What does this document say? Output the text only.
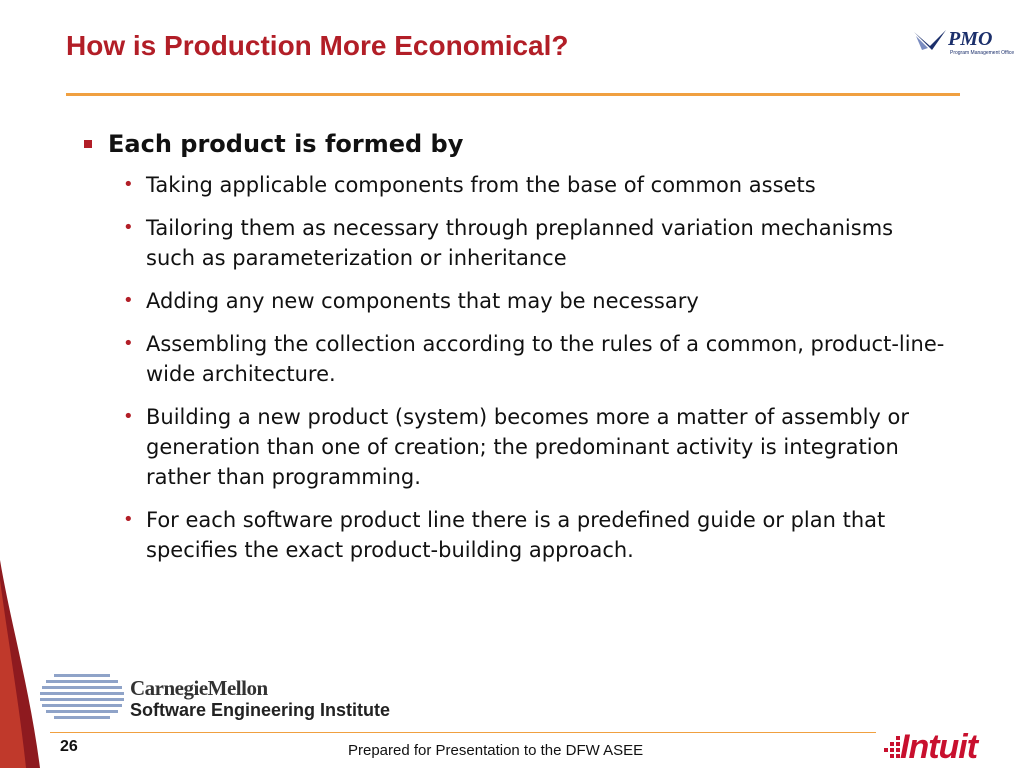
How is Production More Economical?	PMO
Program Management Office
Each product is formed by
• Taking applicable components from the base of common assets
• Tailoring them as necessary through preplanned variation mechanisms such as parameterization or inheritance
• Adding any new components that may be necessary
• Assembling the collection according to the rules of a common, product-line-wide architecture.
• Building a new product (system) becomes more a matter of assembly or generation than one of creation; the predominant activity is integration rather than programming.
• For each software product line there is a predefined guide or plan that specifies the exact product-building approach.
CarnegieMellon
Software Engineering Institute
26	Prepared for Presentation to the DFW ASEE	Intuit
